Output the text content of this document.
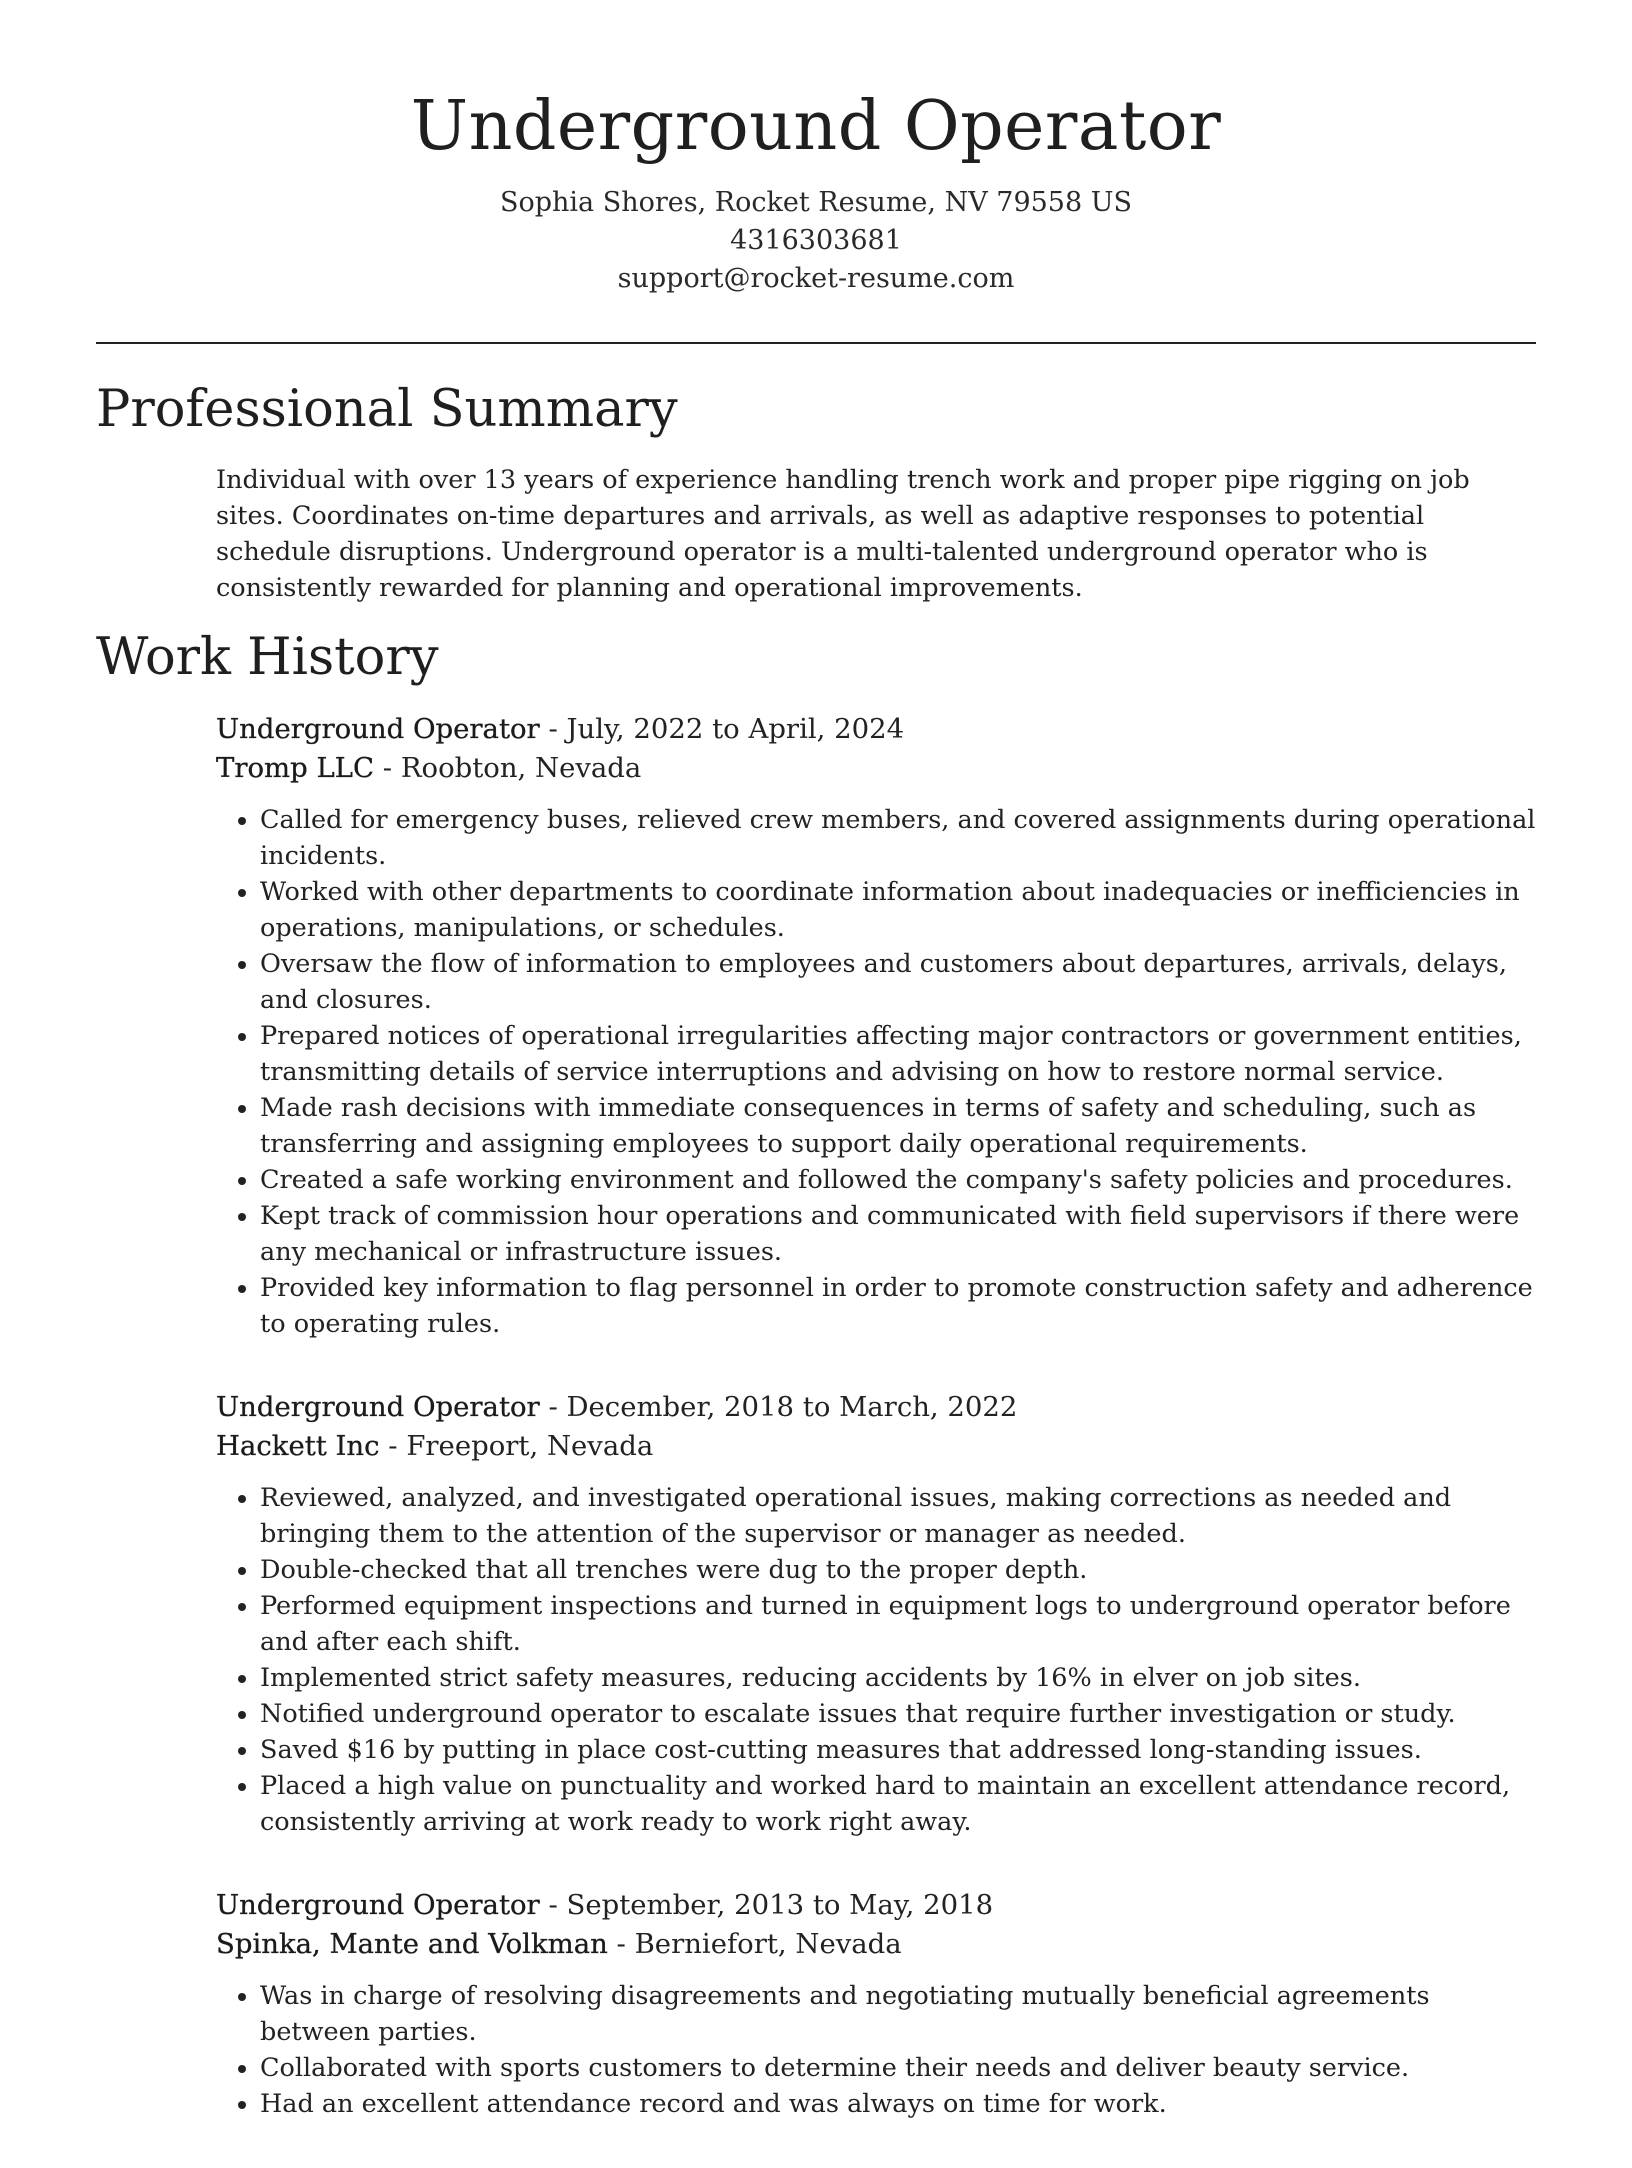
Underground Operator
Sophia Shores, Rocket Resume, NV 79558 US
4316303681
support@rocket-resume.com
Professional Summary

Individual with over 13 years of experience handling trench work and proper pipe rigging on job sites. Coordinates on-time departures and arrivals, as well as adaptive responses to potential schedule disruptions. Underground operator is a multi-talented underground operator who is consistently rewarded for planning and operational improvements.

Work History
Underground Operator - July, 2022 to April, 2024
Tromp LLC - Roobton, Nevada
• Called for emergency buses, relieved crew members, and covered assignments during operational incidents.
• Worked with other departments to coordinate information about inadequacies or inefficiencies in operations, manipulations, or schedules.
• Oversaw the flow of information to employees and customers about departures, arrivals, delays, and closures.
• Prepared notices of operational irregularities affecting major contractors or government entities, transmitting details of service interruptions and advising on how to restore normal service.
• Made rash decisions with immediate consequences in terms of safety and scheduling, such as transferring and assigning employees to support daily operational requirements.
• Created a safe working environment and followed the company's safety policies and procedures.
• Kept track of commission hour operations and communicated with field supervisors if there were any mechanical or infrastructure issues.
• Provided key information to flag personnel in order to promote construction safety and adherence to operating rules.
Underground Operator - December, 2018 to March, 2022
Hackett Inc - Freeport, Nevada
• Reviewed, analyzed, and investigated operational issues, making corrections as needed and bringing them to the attention of the supervisor or manager as needed.
• Double-checked that all trenches were dug to the proper depth.
• Performed equipment inspections and turned in equipment logs to underground operator before and after each shift.
• Implemented strict safety measures, reducing accidents by 16% in elver on job sites.
• Notified underground operator to escalate issues that require further investigation or study.
• Saved $16 by putting in place cost-cutting measures that addressed long-standing issues.
• Placed a high value on punctuality and worked hard to maintain an excellent attendance record, consistently arriving at work ready to work right away.
Underground Operator - September, 2013 to May, 2018
Spinka, Mante and Volkman - Berniefort, Nevada
• Was in charge of resolving disagreements and negotiating mutually beneficial agreements between parties.
• Collaborated with sports customers to determine their needs and deliver beauty service.
• Had an excellent attendance record and was always on time for work.
